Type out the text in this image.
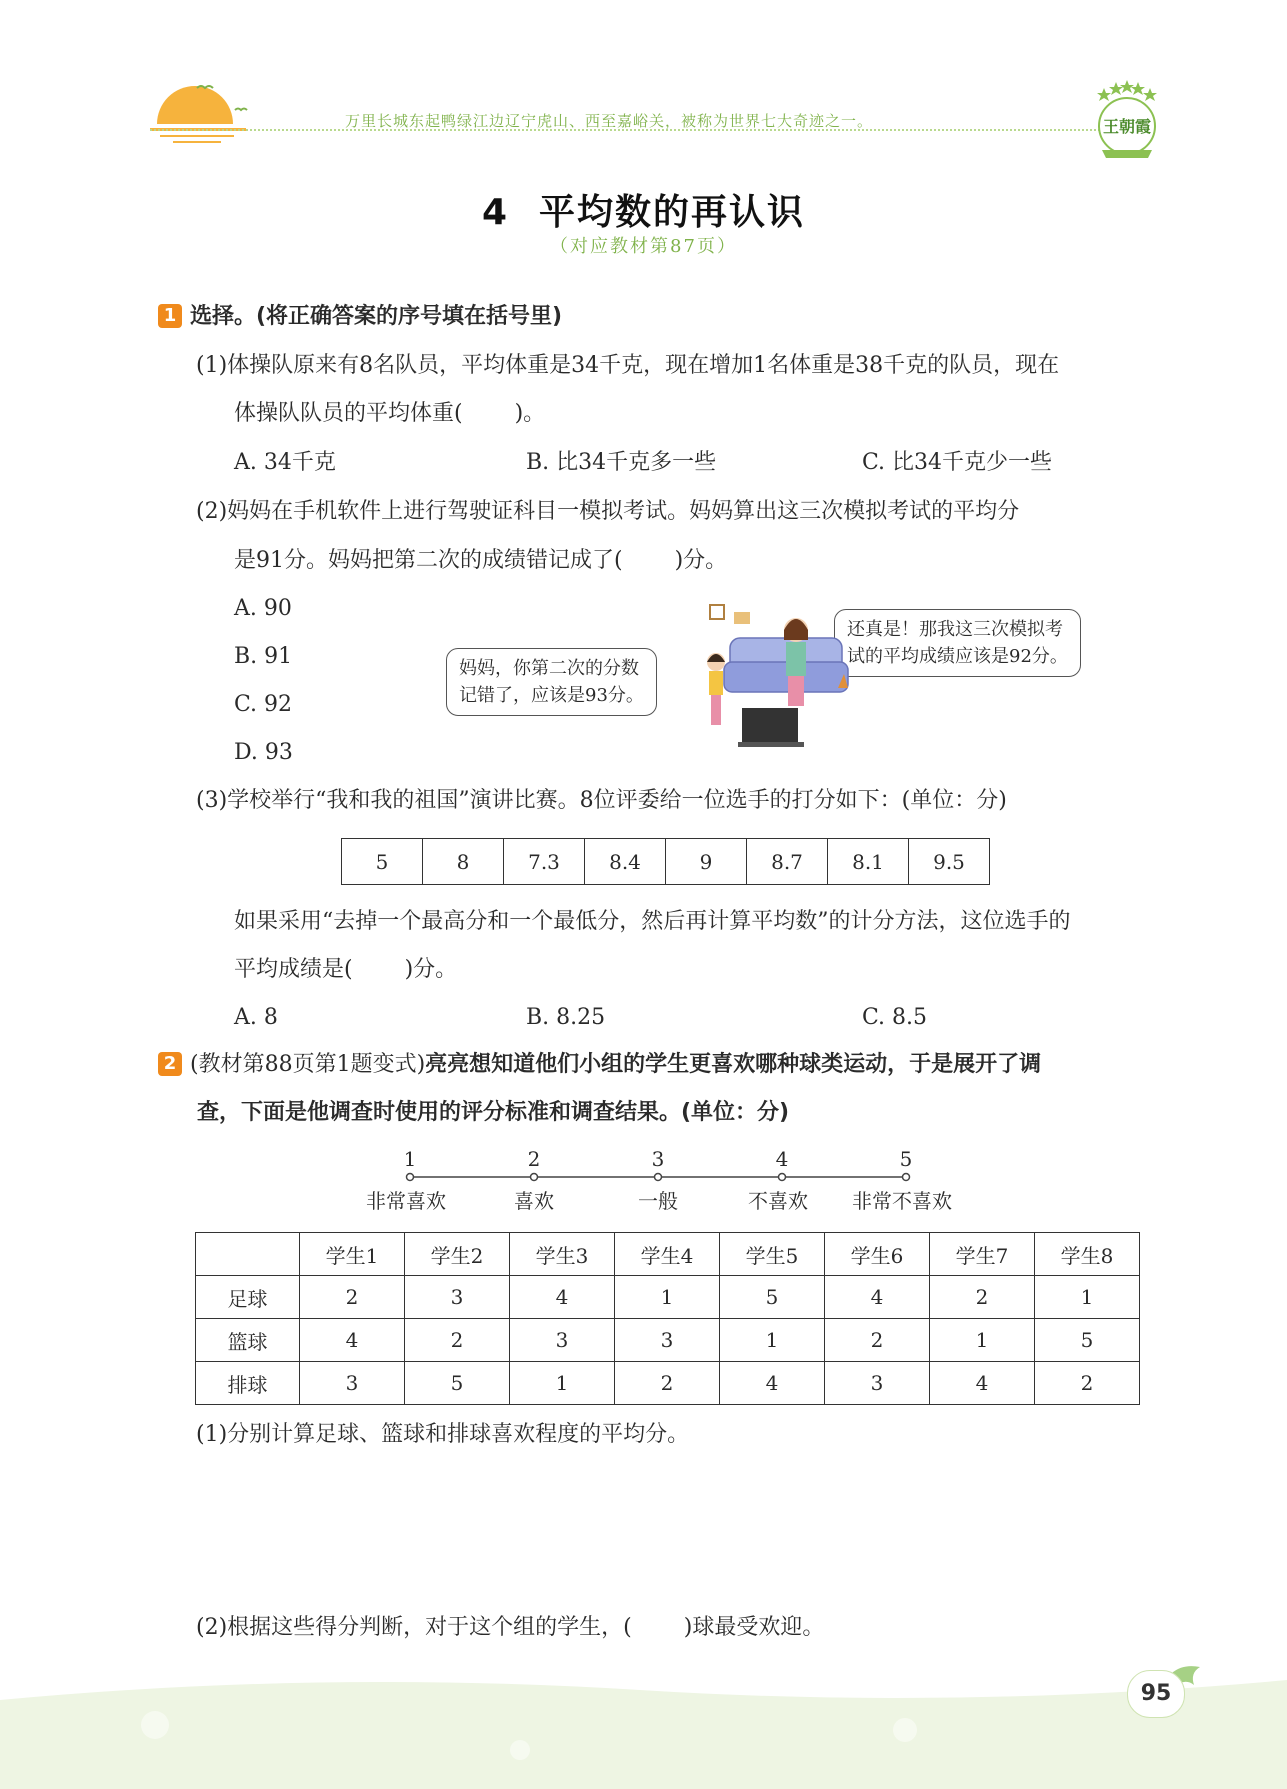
万里长城东起鸭绿江边辽宁虎山、西至嘉峪关，被称为世界七大奇迹之一。	王朝霞
4 平均数的再认识
（对应教材第87页）
1 选择。(将正确答案的序号填在括号里)
(1)体操队原来有8名队员，平均体重是34千克，现在增加1名体重是38千克的队员，现在
体操队队员的平均体重( )。
A. 34千克	B. 比34千克多一些	C. 比34千克少一些
(2)妈妈在手机软件上进行驾驶证科目一模拟考试。妈妈算出这三次模拟考试的平均分
是91分。妈妈把第二次的成绩错记成了( )分。
A. 90
B. 91
C. 92
D. 93
妈妈，你第二次的分数
记错了，应该是93分。
还真是！那我这三次模拟考
试的平均成绩应该是92分。
(3)学校举行“我和我的祖国”演讲比赛。8位评委给一位选手的打分如下：(单位：分)
5	8	7.3	8.4	9	8.7	8.1	9.5
如果采用“去掉一个最高分和一个最低分，然后再计算平均数”的计分方法，这位选手的
平均成绩是( )分。
A. 8	B. 8.25	C. 8.5
2 (教材第88页第1题变式)亮亮想知道他们小组的学生更喜欢哪种球类运动，于是展开了调
查，下面是他调查时使用的评分标准和调查结果。(单位：分)
1	2	3	4	5
非常喜欢	喜欢	一般	不喜欢	非常不喜欢
	学生1	学生2	学生3	学生4	学生5	学生6	学生7	学生8
足球	2	3	4	1	5	4	2	1
篮球	4	2	3	3	1	2	1	5
排球	3	5	1	2	4	3	4	2
(1)分别计算足球、篮球和排球喜欢程度的平均分。
(2)根据这些得分判断，对于这个组的学生，( )球最受欢迎。
95
